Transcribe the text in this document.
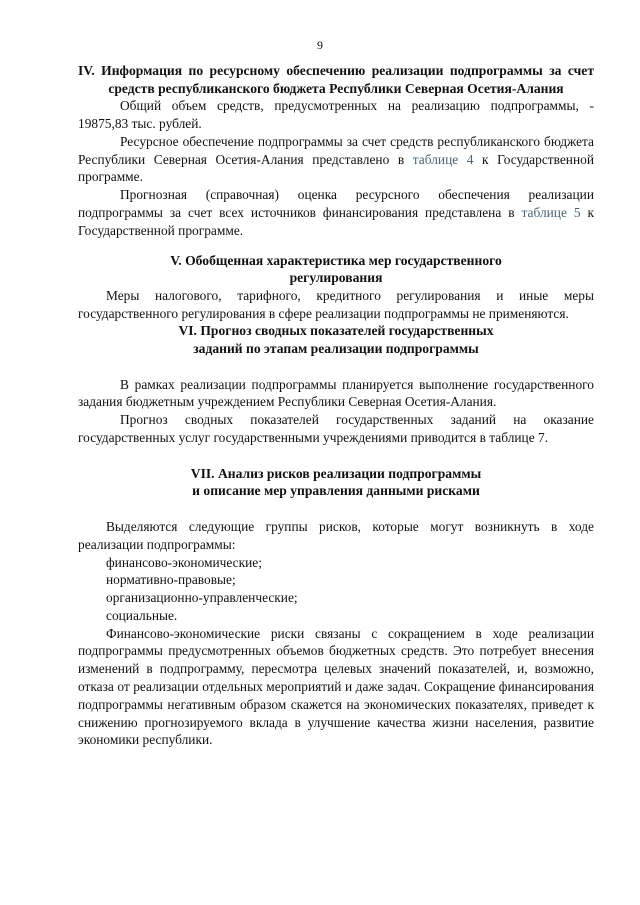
9
IV. Информация по ресурсному обеспечению реализации подпрограммы за счет средств республиканского бюджета Республики Северная Осетия-Алания

Общий объем средств, предусмотренных на реализацию подпрограммы, - 19875,83 тыс. рублей.

Ресурсное обеспечение подпрограммы за счет средств республиканского бюджета Республики Северная Осетия-Алания представлено в таблице 4 к Государственной программе.

Прогнозная (справочная) оценка ресурсного обеспечения реализации подпрограммы за счет всех источников финансирования представлена в таблице 5 к Государственной программе.

V. Обобщенная характеристика мер государственного
регулирования

Меры налогового, тарифного, кредитного регулирования и иные меры государственного регулирования в сфере реализации подпрограммы не применяются.

VI. Прогноз сводных показателей государственных
заданий по этапам реализации подпрограммы

В рамках реализации подпрограммы планируется выполнение государственного задания бюджетным учреждением Республики Северная Осетия-Алания.

Прогноз сводных показателей государственных заданий на оказание государственных услуг государственными учреждениями приводится в таблице 7.

VII. Анализ рисков реализации подпрограммы
и описание мер управления данными рисками

Выделяются следующие группы рисков, которые могут возникнуть в ходе реализации подпрограммы:

финансово-экономические;
нормативно-правовые;
организационно-управленческие;
социальные.

Финансово-экономические риски связаны с сокращением в ходе реализации подпрограммы предусмотренных объемов бюджетных средств. Это потребует внесения изменений в подпрограмму, пересмотра целевых значений показателей, и, возможно, отказа от реализации отдельных мероприятий и даже задач. Сокращение финансирования подпрограммы негативным образом скажется на экономических показателях, приведет к снижению прогнозируемого вклада в улучшение качества жизни населения, развитие экономики республики.
